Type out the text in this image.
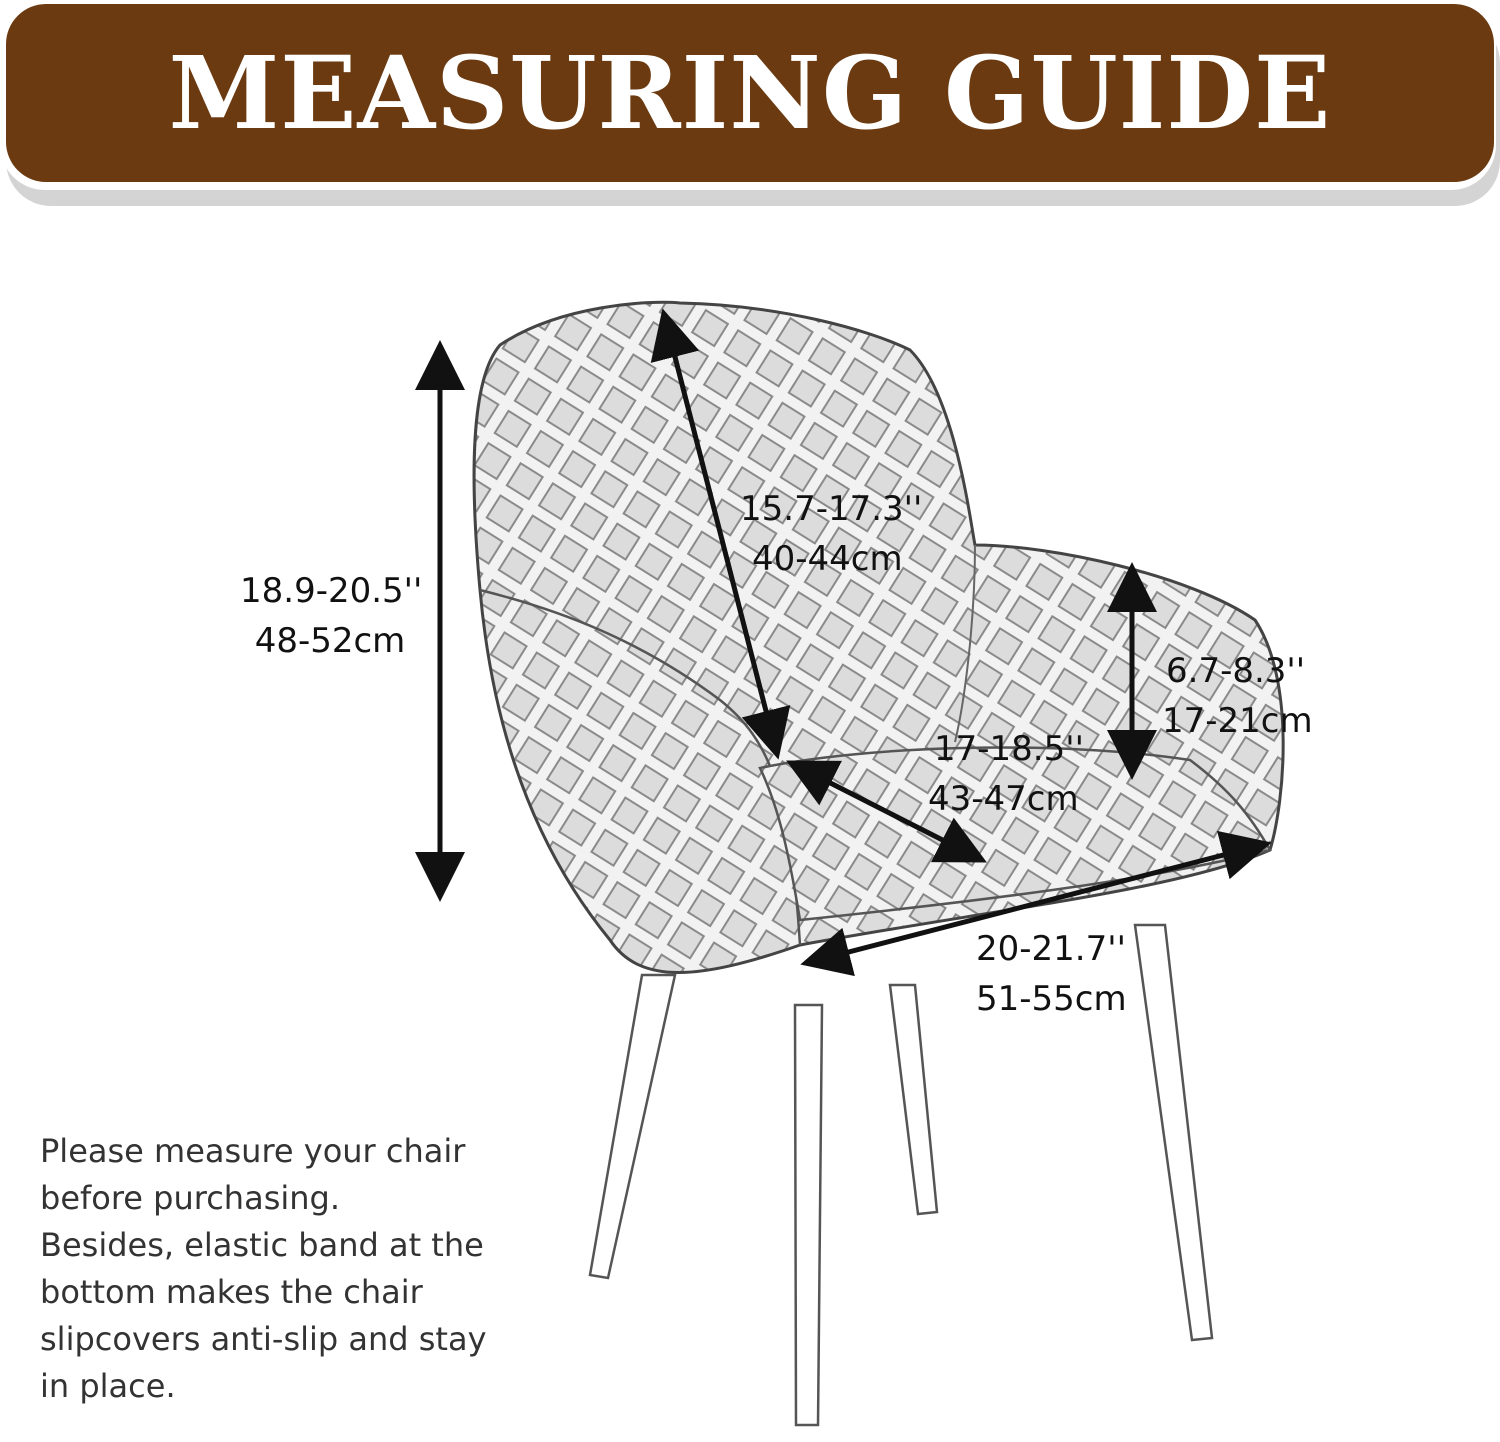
MEASURING GUIDE
18.9-20.5''
48-52cm
15.7-17.3''
40-44cm
6.7-8.3''
17-21cm
17-18.5''
43-47cm
20-21.7''
51-55cm
Please measure your chair
before purchasing.
Besides, elastic band at the
bottom makes the chair
slipcovers anti-slip and stay
in place.
